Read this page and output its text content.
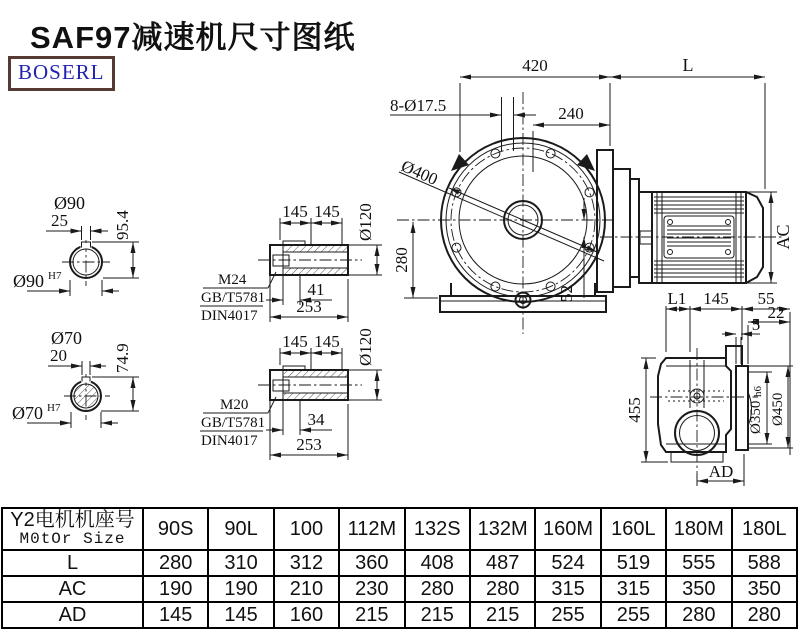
SAF97减速机尺寸图纸
BOSERL
Ø90
25	95.4
Ø90 H7
Ø70
20	74.9
Ø70 H7
145 145 Ø120
M24
GB/T5781
DIN4017
41
253
145 145 Ø120
M20
GB/T5781
DIN4017
34
253
420	L
8-Ø17.5	240
280
Ø400
52
AC
455
L1 145 55
22
5
Ø350
h6
Ø450
AD
Y2电机机座号
M0tOr Size	90S	90L	100	112M	132S	132M	160M	160L	180M	180L
L	280	310	312	360	408	487	524	519	555	588
AC	190	190	210	230	280	280	315	315	350	350
AD	145	145	160	215	215	215	255	255	280	280
